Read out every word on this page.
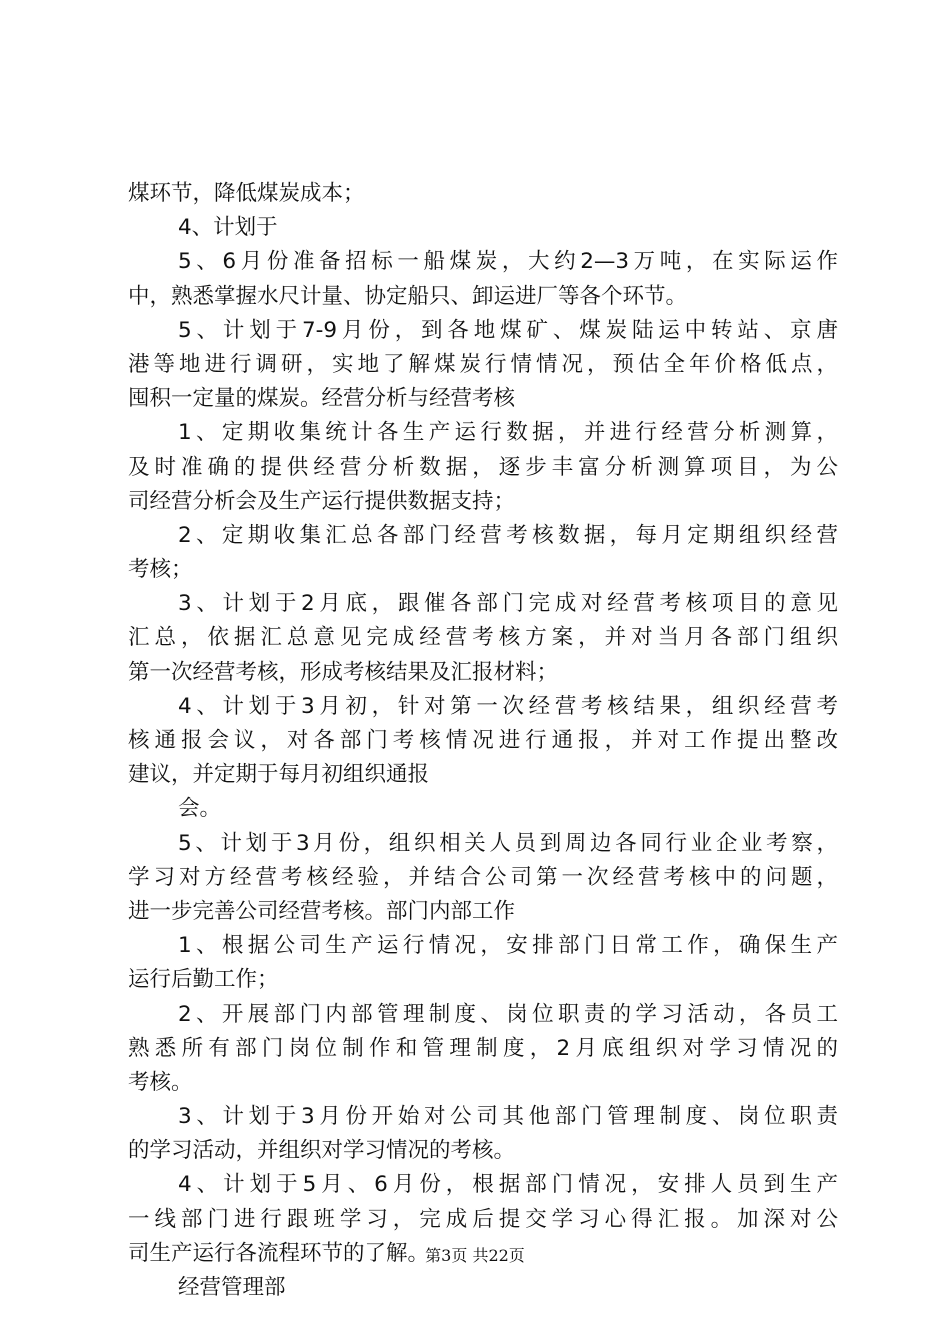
煤环节，降低煤炭成本；
4、计划于
5、6月份准备招标一船煤炭，大约2—3万吨，在实际运作
中，熟悉掌握水尺计量、协定船只、卸运进厂等各个环节。
5、计划于7-9月份，到各地煤矿、煤炭陆运中转站、京唐
港等地进行调研，实地了解煤炭行情情况，预估全年价格低点，
囤积一定量的煤炭。经营分析与经营考核
1、定期收集统计各生产运行数据，并进行经营分析测算，
及时准确的提供经营分析数据，逐步丰富分析测算项目，为公
司经营分析会及生产运行提供数据支持；
2、定期收集汇总各部门经营考核数据，每月定期组织经营
考核；
3、计划于2月底，跟催各部门完成对经营考核项目的意见
汇总，依据汇总意见完成经营考核方案，并对当月各部门组织
第一次经营考核，形成考核结果及汇报材料；
4、计划于3月初，针对第一次经营考核结果，组织经营考
核通报会议，对各部门考核情况进行通报，并对工作提出整改
建议，并定期于每月初组织通报
会。
5、计划于3月份，组织相关人员到周边各同行业企业考察，
学习对方经营考核经验，并结合公司第一次经营考核中的问题，
进一步完善公司经营考核。部门内部工作
1、根据公司生产运行情况，安排部门日常工作，确保生产
运行后勤工作；
2、开展部门内部管理制度、岗位职责的学习活动，各员工
熟悉所有部门岗位制作和管理制度，2月底组织对学习情况的
考核。
3、计划于3月份开始对公司其他部门管理制度、岗位职责
的学习活动，并组织对学习情况的考核。
4、计划于5月、6月份，根据部门情况，安排人员到生产
一线部门进行跟班学习，完成后提交学习心得汇报。加深对公
司生产运行各流程环节的了解。
经营管理部
第3页 共22页
